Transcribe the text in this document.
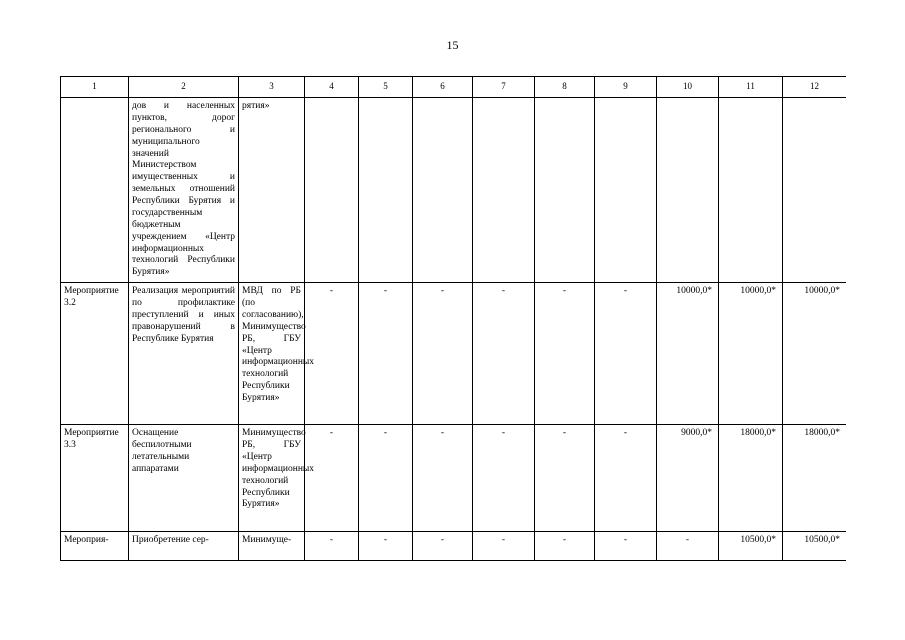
15
1	2	3	4	5	6	7	8	9	10	11	12
	дов и населенных пунктов, дорог регионального и муниципального значений Министерством имущественных и земельных отношений Республики Бурятия и государственным бюджетным учреждением «Центр информационных технологий Республики Бурятия»	рятия»									
Мероприятие 3.2	Реализация мероприятий по профилактике преступлений и иных правонарушений в Республике Бурятия	МВД по РБ (по согласованию), Минимущество РБ, ГБУ «Центр информационных технологий Республики Бурятия»	-	-	-	-	-	-	10000,0*	10000,0*	10000,0*
Мероприятие 3.3	Оснащение беспилотными летательными аппаратами	Минимущество РБ, ГБУ «Центр информационных технологий Республики Бурятия»	-	-	-	-	-	-	9000,0*	18000,0*	18000,0*
Мероприя-	Приобретение сер-	Минимуще-	-	-	-	-	-	-	-	10500,0*	10500,0*
